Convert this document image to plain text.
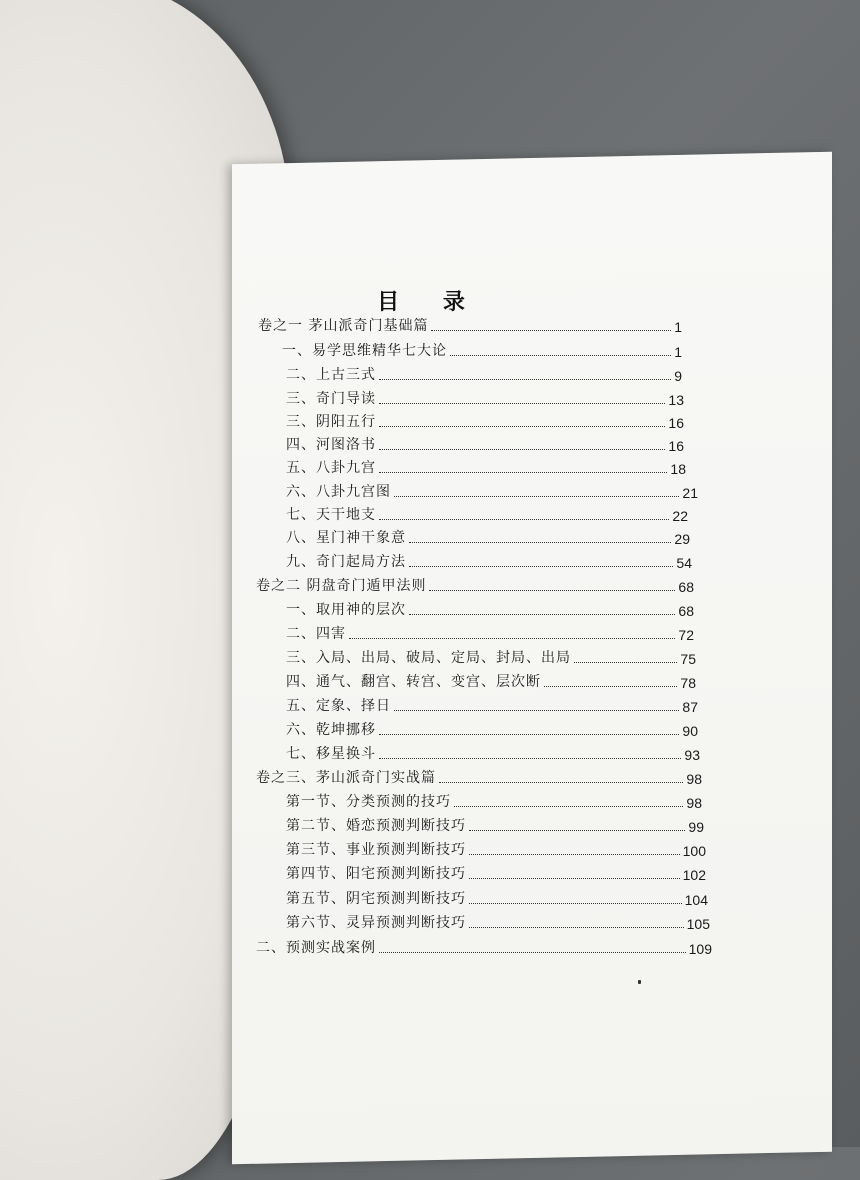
目 录
卷之一 茅山派奇门基础篇	1
一、易学思维精华七大论	1
二、上古三式	9
三、奇门导读	13
三、阴阳五行	16
四、河图洛书	16
五、八卦九宫	18
六、八卦九宫图	21
七、天干地支	22
八、星门神干象意	29
九、奇门起局方法	54
卷之二 阴盘奇门遁甲法则	68
一、取用神的层次	68
二、四害	72
三、入局、出局、破局、定局、封局、出局	75
四、通气、翻宫、转宫、变宫、层次断	78
五、定象、择日	87
六、乾坤挪移	90
七、移星换斗	93
卷之三、茅山派奇门实战篇	98
第一节、分类预测的技巧	98
第二节、婚恋预测判断技巧	99
第三节、事业预测判断技巧	100
第四节、阳宅预测判断技巧	102
第五节、阴宅预测判断技巧	104
第六节、灵异预测判断技巧	105
二、预测实战案例	109
